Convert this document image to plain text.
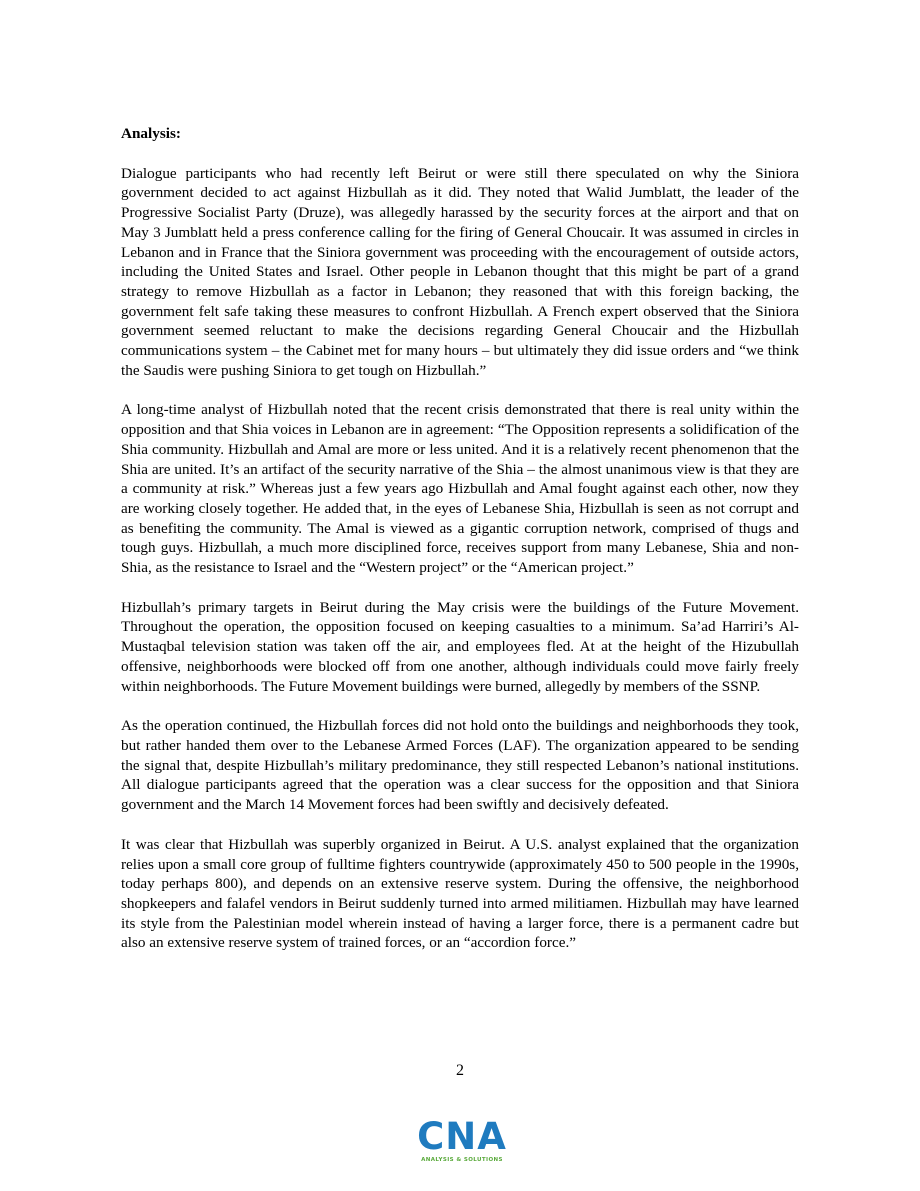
Analysis:

Dialogue participants who had recently left Beirut or were still there speculated on why the Siniora government decided to act against Hizbullah as it did. They noted that Walid Jumblatt, the leader of the Progressive Socialist Party (Druze), was allegedly harassed by the security forces at the airport and that on May 3 Jumblatt held a press conference calling for the firing of General Choucair. It was assumed in circles in Lebanon and in France that the Siniora government was proceeding with the encouragement of outside actors, including the United States and Israel. Other people in Lebanon thought that this might be part of a grand strategy to remove Hizbullah as a factor in Lebanon; they reasoned that with this foreign backing, the government felt safe taking these measures to confront Hizbullah. A French expert observed that the Siniora government seemed reluctant to make the decisions regarding General Choucair and the Hizbullah communications system – the Cabinet met for many hours – but ultimately they did issue orders and “we think the Saudis were pushing Siniora to get tough on Hizbullah.”

A long-time analyst of Hizbullah noted that the recent crisis demonstrated that there is real unity within the opposition and that Shia voices in Lebanon are in agreement: “The Opposition represents a solidification of the Shia community. Hizbullah and Amal are more or less united. And it is a relatively recent phenomenon that the Shia are united. It’s an artifact of the security narrative of the Shia – the almost unanimous view is that they are a community at risk.” Whereas just a few years ago Hizbullah and Amal fought against each other, now they are working closely together. He added that, in the eyes of Lebanese Shia, Hizbullah is seen as not corrupt and as benefiting the community. The Amal is viewed as a gigantic corruption network, comprised of thugs and tough guys. Hizbullah, a much more disciplined force, receives support from many Lebanese, Shia and non-Shia, as the resistance to Israel and the “Western project” or the “American project.”

Hizbullah’s primary targets in Beirut during the May crisis were the buildings of the Future Movement. Throughout the operation, the opposition focused on keeping casualties to a minimum. Sa’ad Harriri’s Al-Mustaqbal television station was taken off the air, and employees fled. At at the height of the Hizubullah offensive, neighborhoods were blocked off from one another, although individuals could move fairly freely within neighborhoods. The Future Movement buildings were burned, allegedly by members of the SSNP.

As the operation continued, the Hizbullah forces did not hold onto the buildings and neighborhoods they took, but rather handed them over to the Lebanese Armed Forces (LAF). The organization appeared to be sending the signal that, despite Hizbullah’s military predominance, they still respected Lebanon’s national institutions. All dialogue participants agreed that the operation was a clear success for the opposition and that Siniora government and the March 14 Movement forces had been swiftly and decisively defeated.

It was clear that Hizbullah was superbly organized in Beirut. A U.S. analyst explained that the organization relies upon a small core group of fulltime fighters countrywide (approximately 450 to 500 people in the 1990s, today perhaps 800), and depends on an extensive reserve system. During the offensive, the neighborhood shopkeepers and falafel vendors in Beirut suddenly turned into armed militiamen. Hizbullah may have learned its style from the Palestinian model wherein instead of having a larger force, there is a permanent cadre but also an extensive reserve system of trained forces, or an “accordion force.”

2
CNA
ANALYSIS & SOLUTIONS
